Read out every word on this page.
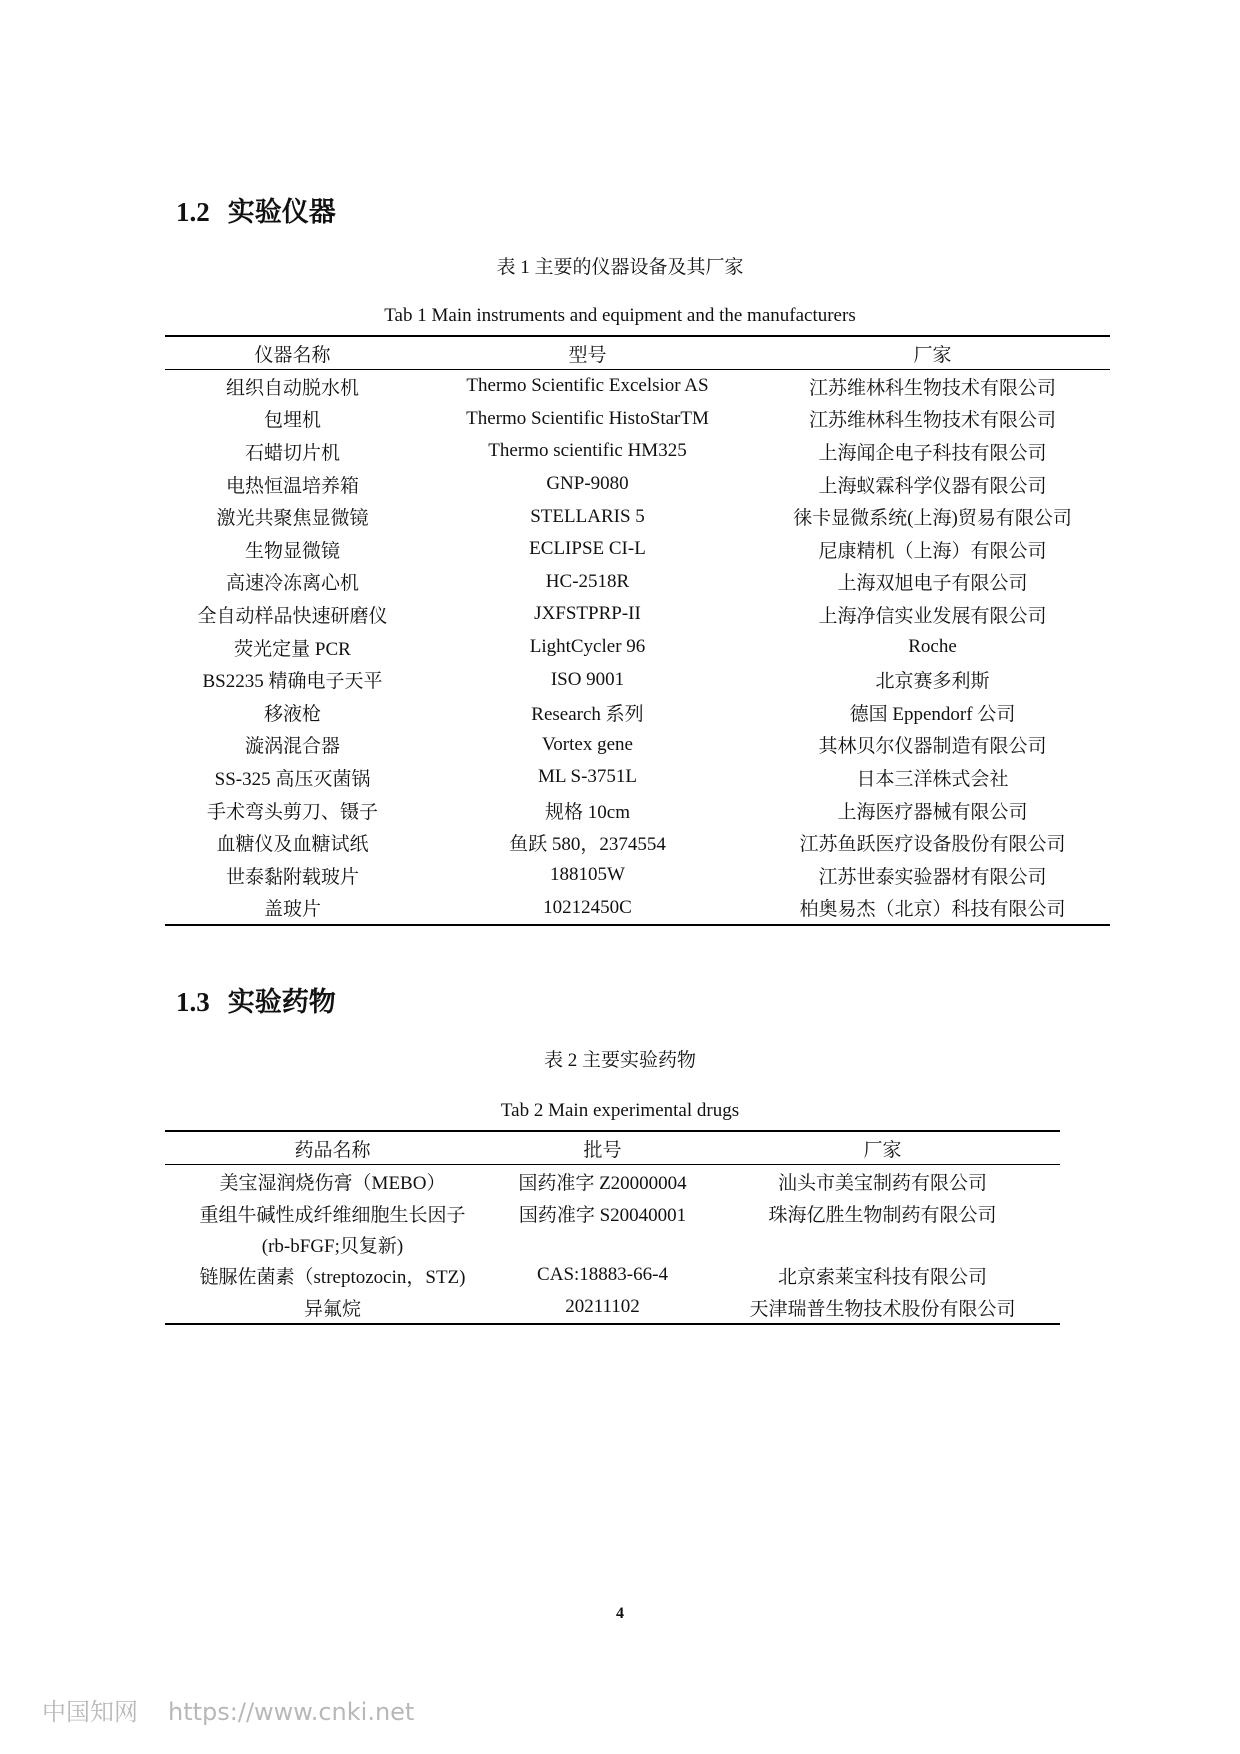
1.2 实验仪器
表 1 主要的仪器设备及其厂家
Tab 1 Main instruments and equipment and the manufacturers
仪器名称	型号	厂家
组织自动脱水机	Thermo Scientific Excelsior AS	江苏维林科生物技术有限公司
包埋机	Thermo Scientific HistoStarTM	江苏维林科生物技术有限公司
石蜡切片机	Thermo scientific HM325	上海闻企电子科技有限公司
电热恒温培养箱	GNP-9080	上海蚁霖科学仪器有限公司
激光共聚焦显微镜	STELLARIS 5	徕卡显微系统(上海)贸易有限公司
生物显微镜	ECLIPSE CI-L	尼康精机（上海）有限公司
高速冷冻离心机	HC-2518R	上海双旭电子有限公司
全自动样品快速研磨仪	JXFSTPRP-II	上海净信实业发展有限公司
荧光定量 PCR	LightCycler 96	Roche
BS2235 精确电子天平	ISO 9001	北京赛多利斯
移液枪	Research 系列	德国 Eppendorf 公司
漩涡混合器	Vortex gene	其林贝尔仪器制造有限公司
SS-325 高压灭菌锅	ML S-3751L	日本三洋株式会社
手术弯头剪刀、镊子	规格 10cm	上海医疗器械有限公司
血糖仪及血糖试纸	鱼跃 580，2374554	江苏鱼跃医疗设备股份有限公司
世泰黏附载玻片	188105W	江苏世泰实验器材有限公司
盖玻片	10212450C	柏奥易杰（北京）科技有限公司
1.3 实验药物
表 2 主要实验药物
Tab 2 Main experimental drugs
药品名称	批号	厂家
美宝湿润烧伤膏（MEBO）	国药准字 Z20000004	汕头市美宝制药有限公司
重组牛碱性成纤维细胞生长因子	国药准字 S20040001	珠海亿胜生物制药有限公司
(rb-bFGF;贝复新)		
链脲佐菌素（streptozocin，STZ)	CAS:18883-66-4	北京索莱宝科技有限公司
异氟烷	20211102	天津瑞普生物技术股份有限公司
4
中国知网 https://www.cnki.net
